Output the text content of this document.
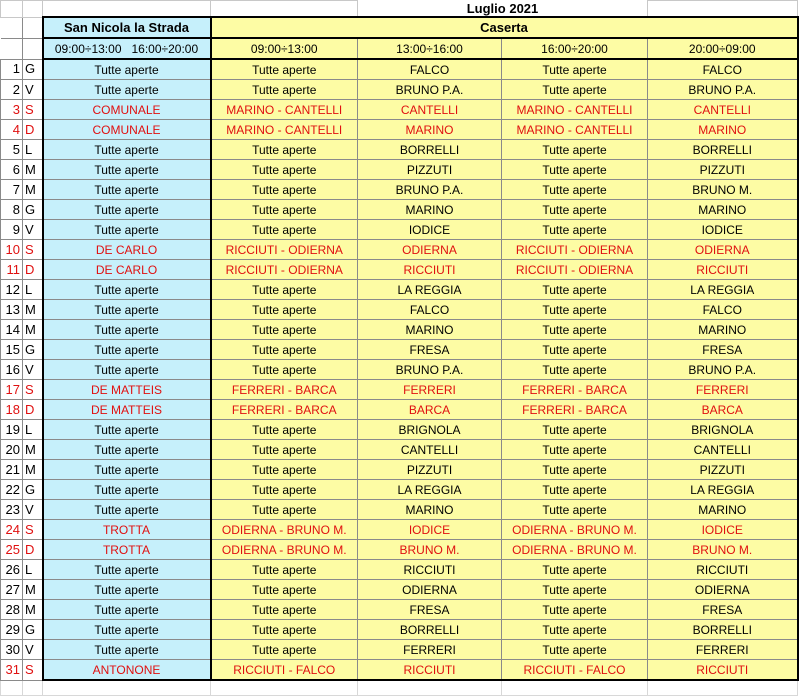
				Luglio 2021		
		San Nicola la Strada	Caserta			
		09:00÷13:00   16:00÷20:00	09:00÷13:00	13:00÷16:00	16:00÷20:00	20:00÷09:00
1	G	Tutte aperte	Tutte aperte	FALCO	Tutte aperte	FALCO
2	V	Tutte aperte	Tutte aperte	BRUNO P.A.	Tutte aperte	BRUNO P.A.
3	S	COMUNALE	MARINO - CANTELLI	CANTELLI	MARINO - CANTELLI	CANTELLI
4	D	COMUNALE	MARINO - CANTELLI	MARINO	MARINO - CANTELLI	MARINO
5	L	Tutte aperte	Tutte aperte	BORRELLI	Tutte aperte	BORRELLI
6	M	Tutte aperte	Tutte aperte	PIZZUTI	Tutte aperte	PIZZUTI
7	M	Tutte aperte	Tutte aperte	BRUNO P.A.	Tutte aperte	BRUNO M.
8	G	Tutte aperte	Tutte aperte	MARINO	Tutte aperte	MARINO
9	V	Tutte aperte	Tutte aperte	IODICE	Tutte aperte	IODICE
10	S	DE CARLO	RICCIUTI - ODIERNA	ODIERNA	RICCIUTI - ODIERNA	ODIERNA
11	D	DE CARLO	RICCIUTI - ODIERNA	RICCIUTI	RICCIUTI - ODIERNA	RICCIUTI
12	L	Tutte aperte	Tutte aperte	LA REGGIA	Tutte aperte	LA REGGIA
13	M	Tutte aperte	Tutte aperte	FALCO	Tutte aperte	FALCO
14	M	Tutte aperte	Tutte aperte	MARINO	Tutte aperte	MARINO
15	G	Tutte aperte	Tutte aperte	FRESA	Tutte aperte	FRESA
16	V	Tutte aperte	Tutte aperte	BRUNO P.A.	Tutte aperte	BRUNO P.A.
17	S	DE MATTEIS	FERRERI - BARCA	FERRERI	FERRERI - BARCA	FERRERI
18	D	DE MATTEIS	FERRERI - BARCA	BARCA	FERRERI - BARCA	BARCA
19	L	Tutte aperte	Tutte aperte	BRIGNOLA	Tutte aperte	BRIGNOLA
20	M	Tutte aperte	Tutte aperte	CANTELLI	Tutte aperte	CANTELLI
21	M	Tutte aperte	Tutte aperte	PIZZUTI	Tutte aperte	PIZZUTI
22	G	Tutte aperte	Tutte aperte	LA REGGIA	Tutte aperte	LA REGGIA
23	V	Tutte aperte	Tutte aperte	MARINO	Tutte aperte	MARINO
24	S	TROTTA	ODIERNA - BRUNO M.	IODICE	ODIERNA - BRUNO M.	IODICE
25	D	TROTTA	ODIERNA - BRUNO M.	BRUNO M.	ODIERNA - BRUNO M.	BRUNO M.
26	L	Tutte aperte	Tutte aperte	RICCIUTI	Tutte aperte	RICCIUTI
27	M	Tutte aperte	Tutte aperte	ODIERNA	Tutte aperte	ODIERNA
28	M	Tutte aperte	Tutte aperte	FRESA	Tutte aperte	FRESA
29	G	Tutte aperte	Tutte aperte	BORRELLI	Tutte aperte	BORRELLI
30	V	Tutte aperte	Tutte aperte	FERRERI	Tutte aperte	FERRERI
31	S	ANTONONE	RICCIUTI - FALCO	RICCIUTI	RICCIUTI - FALCO	RICCIUTI
